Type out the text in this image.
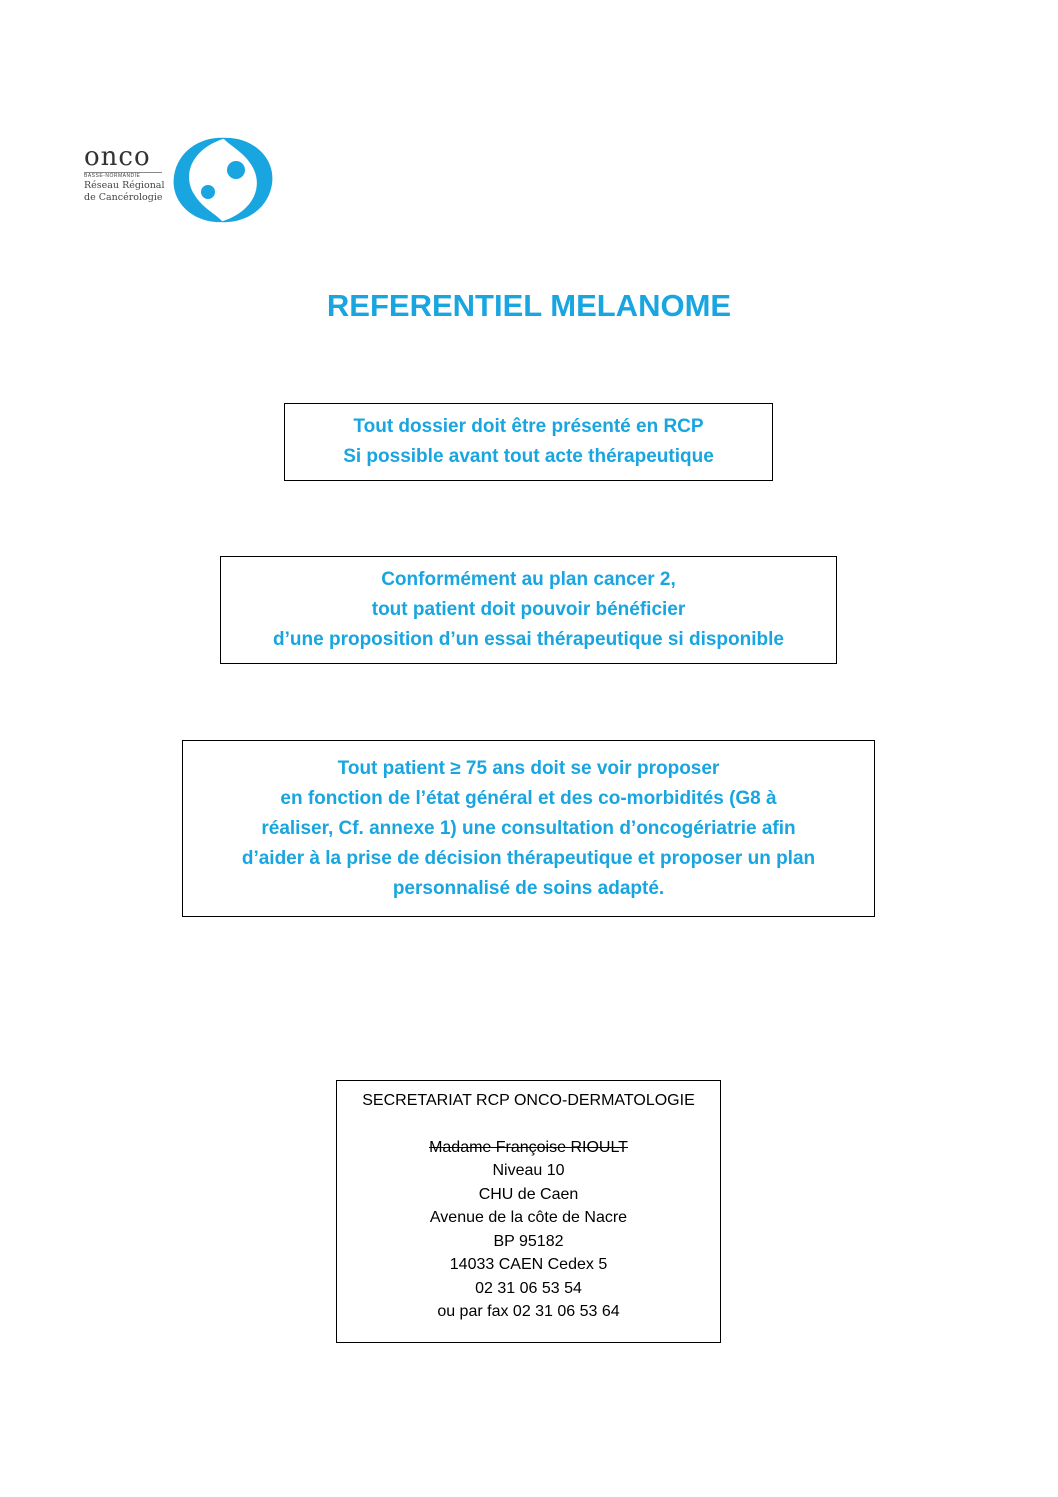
onco
BASSE-NORMANDIE
Réseau Régional
de Cancérologie
REFERENTIEL MELANOME

Tout dossier doit être présenté en RCP

Si possible avant tout acte thérapeutique

Conformément au plan cancer 2,

tout patient doit pouvoir bénéficier

d’une proposition d’un essai thérapeutique si disponible

Tout patient ≥ 75 ans doit se voir proposer

en fonction de l’état général et des co-morbidités (G8 à

réaliser, Cf. annexe 1) une consultation d’oncogériatrie afin

d’aider à la prise de décision thérapeutique et proposer un plan

personnalisé de soins adapté.

SECRETARIAT RCP ONCO-DERMATOLOGIE

Madame Françoise RIOULT

Niveau 10

CHU de Caen

Avenue de la côte de Nacre

BP 95182

14033 CAEN Cedex 5

02 31 06 53 54

ou par fax 02 31 06 53 64
